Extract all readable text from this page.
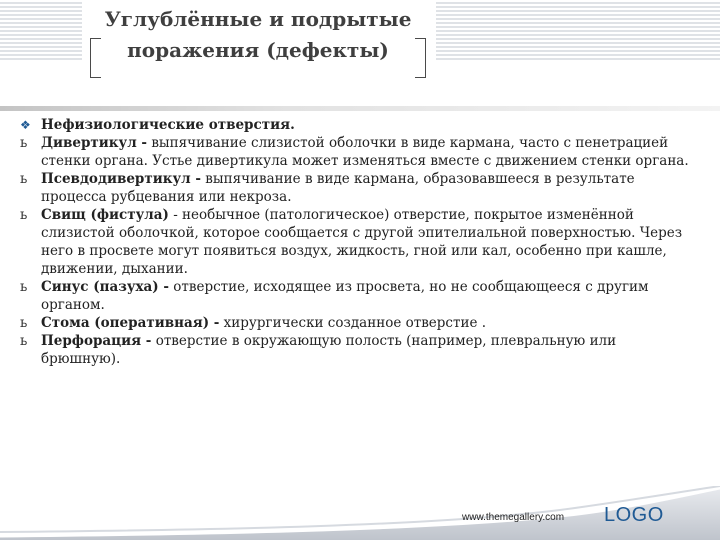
Углублённые и подрытые
поражения (дефекты)
❖ Нефизиологические отверстия.
ь	Дивертикул - выпячивание слизистой оболочки в виде кармана, часто с пенетрацией стенки органа. Устье дивертикула может изменяться вместе с движением стенки органа.
ь	Псевдодивертикул - выпячивание в виде кармана, образовавшееся в результате процесса рубцевания или некроза.
ь	Свищ (фистула) - необычное (патологическое) отверстие, покрытое изменённой слизистой оболочкой, которое сообщается с другой эпителиальной поверхностью. Через него в просвете могут появиться воздух, жидкость, гной или кал, особенно при кашле, движении, дыхании.
ь	Синус (пазуха) - отверстие, исходящее из просвета, но не сообщающееся с другим органом.
ь	Стома (оперативная) - хирургически созданное отверстие .
ь	Перфорация - отверстие в окружающую полость (например, плевральную или брюшную).
www.themegallery.com LOGO
